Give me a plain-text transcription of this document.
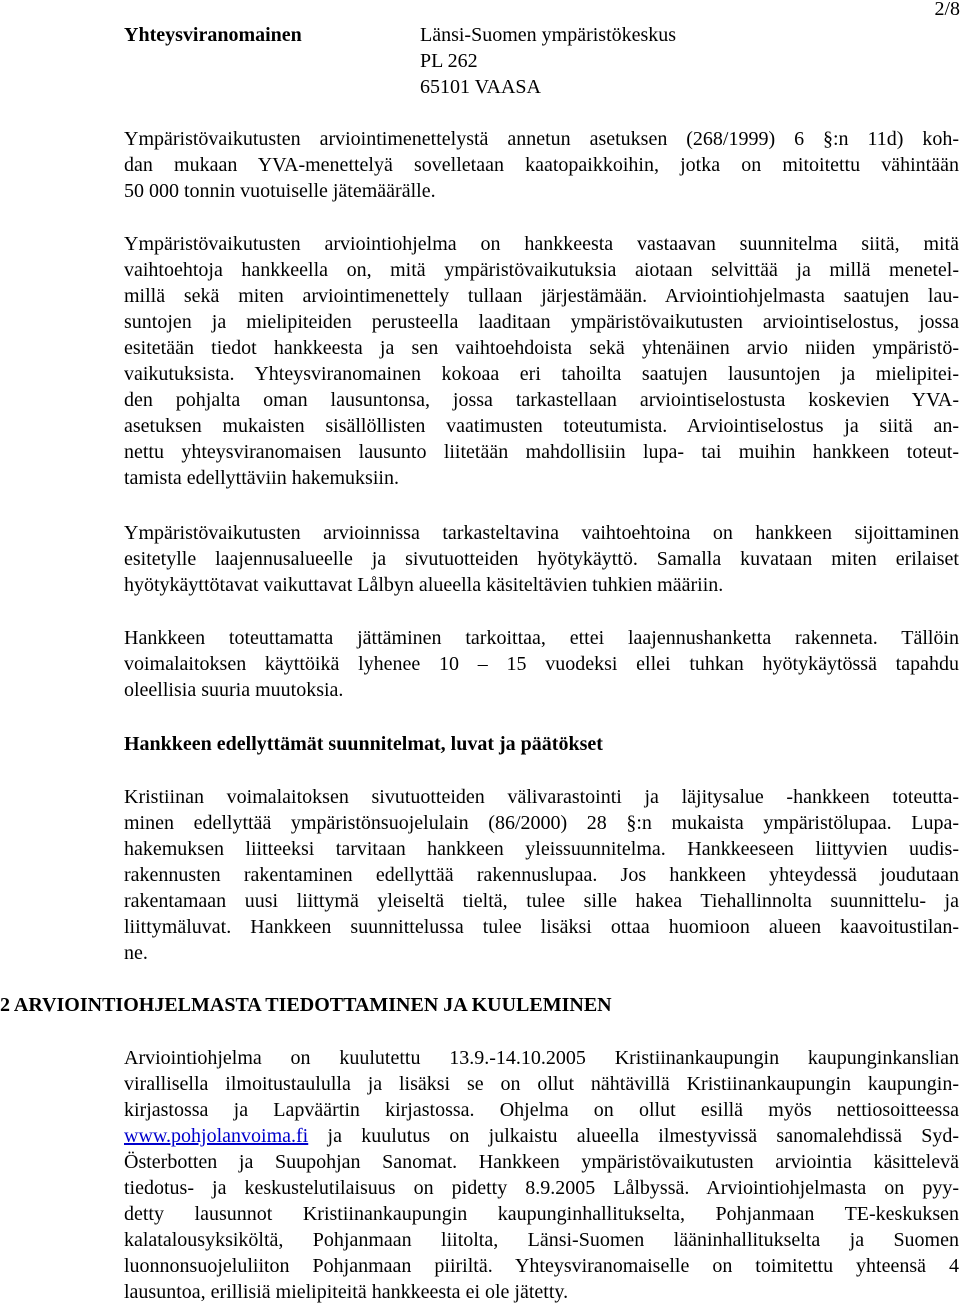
2/8
Yhteysviranomainen	Länsi-Suomen ympäristökeskus
PL 262
65101 VAASA
Ympäristövaikutusten arviointimenettelystä annetun asetuksen (268/1999) 6 §:n 11d) koh-
dan mukaan YVA-menettelyä sovelletaan kaatopaikkoihin, jotka on mitoitettu vähintään
50 000 tonnin vuotuiselle jätemäärälle.
Ympäristövaikutusten arviointiohjelma on hankkeesta vastaavan suunnitelma siitä, mitä
vaihtoehtoja hankkeella on, mitä ympäristövaikutuksia aiotaan selvittää ja millä menetel-
millä sekä miten arviointimenettely tullaan järjestämään. Arviointiohjelmasta saatujen lau-
suntojen ja mielipiteiden perusteella laaditaan ympäristövaikutusten arviointiselostus, jossa
esitetään tiedot hankkeesta ja sen vaihtoehdoista sekä yhtenäinen arvio niiden ympäristö-
vaikutuksista. Yhteysviranomainen kokoaa eri tahoilta saatujen lausuntojen ja mielipitei-
den pohjalta oman lausuntonsa, jossa tarkastellaan arviointiselostusta koskevien YVA-
asetuksen mukaisten sisällöllisten vaatimusten toteutumista. Arviointiselostus ja siitä an-
nettu yhteysviranomaisen lausunto liitetään mahdollisiin lupa- tai muihin hankkeen toteut-
tamista edellyttäviin hakemuksiin.
Ympäristövaikutusten arvioinnissa tarkasteltavina vaihtoehtoina on hankkeen sijoittaminen
esitetylle laajennusalueelle ja sivutuotteiden hyötykäyttö. Samalla kuvataan miten erilaiset
hyötykäyttötavat vaikuttavat Lålbyn alueella käsiteltävien tuhkien määriin.
Hankkeen toteuttamatta jättäminen tarkoittaa, ettei laajennushanketta rakenneta. Tällöin
voimalaitoksen käyttöikä lyhenee 10 – 15 vuodeksi ellei tuhkan hyötykäytössä tapahdu
oleellisia suuria muutoksia.
Hankkeen edellyttämät suunnitelmat, luvat ja päätökset
Kristiinan voimalaitoksen sivutuotteiden välivarastointi ja läjitysalue -hankkeen toteutta-
minen edellyttää ympäristönsuojelulain (86/2000) 28 §:n mukaista ympäristölupaa. Lupa-
hakemuksen liitteeksi tarvitaan hankkeen yleissuunnitelma. Hankkeeseen liittyvien uudis-
rakennusten rakentaminen edellyttää rakennuslupaa. Jos hankkeen yhteydessä joudutaan
rakentamaan uusi liittymä yleiseltä tieltä, tulee sille hakea Tiehallinnolta suunnittelu- ja
liittymäluvat. Hankkeen suunnittelussa tulee lisäksi ottaa huomioon alueen kaavoitustilan-
ne.
2 ARVIOINTIOHJELMASTA TIEDOTTAMINEN JA KUULEMINEN
Arviointiohjelma on kuulutettu 13.9.-14.10.2005 Kristiinankaupungin kaupunginkanslian
virallisella ilmoitustaululla ja lisäksi se on ollut nähtävillä Kristiinankaupungin kaupungin-
kirjastossa ja Lapväärtin kirjastossa. Ohjelma on ollut esillä myös nettiosoitteessa
www.pohjolanvoima.fi ja kuulutus on julkaistu alueella ilmestyvissä sanomalehdissä Syd-
Österbotten ja Suupohjan Sanomat. Hankkeen ympäristövaikutusten arviointia käsittelevä
tiedotus- ja keskustelutilaisuus on pidetty 8.9.2005 Lålbyssä. Arviointiohjelmasta on pyy-
detty lausunnot Kristiinankaupungin kaupunginhallitukselta, Pohjanmaan TE-keskuksen
kalatalousyksiköltä, Pohjanmaan liitolta, Länsi-Suomen lääninhallitukselta ja Suomen
luonnonsuojeluliiton Pohjanmaan piiriltä. Yhteysviranomaiselle on toimitettu yhteensä 4
lausuntoa, erillisiä mielipiteitä hankkeesta ei ole jätetty.
